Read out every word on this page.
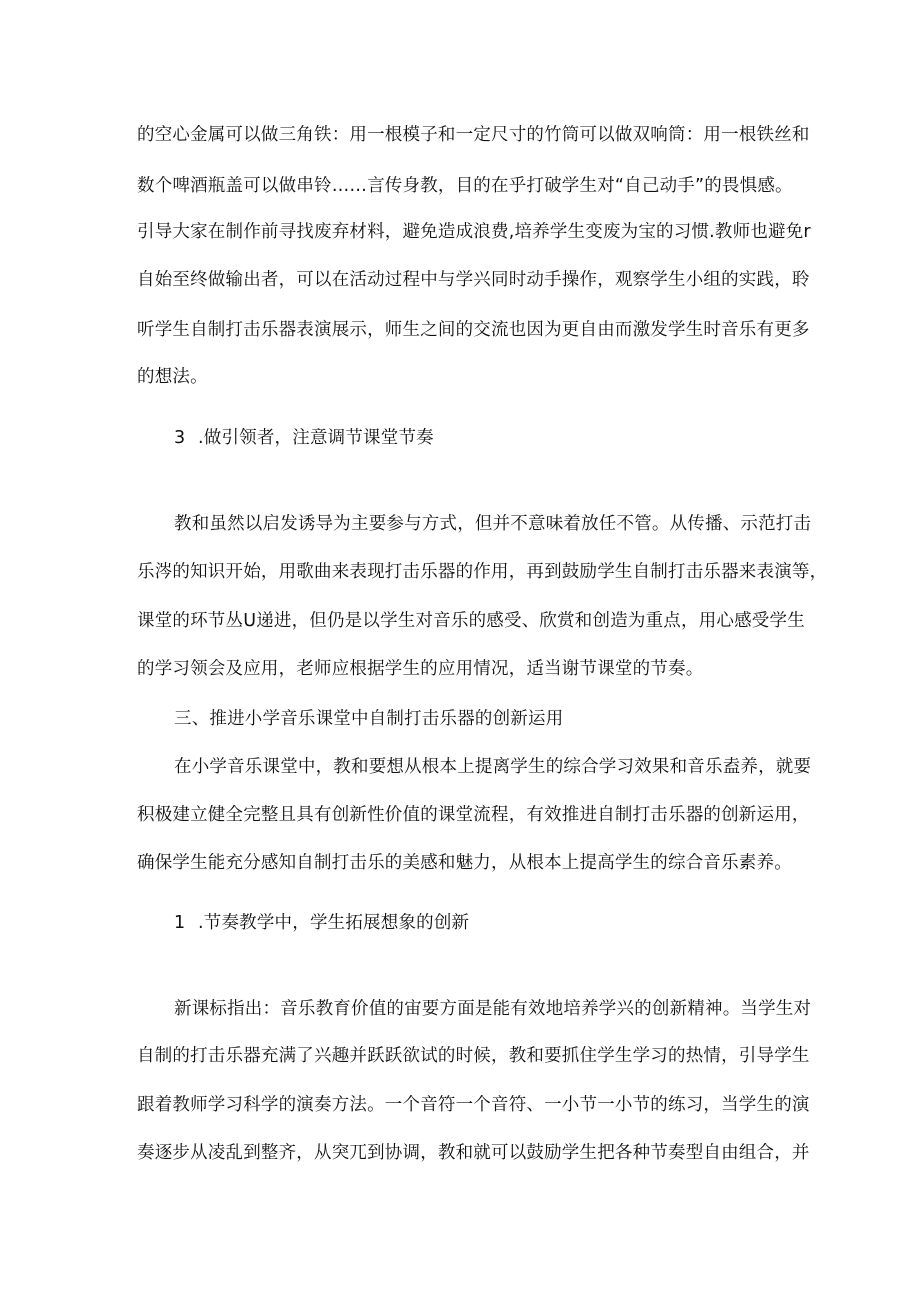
的空心金属可以做三角铁：用一根模子和一定尺寸的竹筒可以做双响筒：用一根铁丝和
数个啤酒瓶盖可以做串铃……言传身教，目的在乎打破学生对“自己动手”的畏惧感。
引导大家在制作前寻找废弃材料，避免造成浪费,培养学生变废为宝的习惯.教师也避免r
自始至终做输出者，可以在活动过程中与学兴同时动手操作，观察学生小组的实践，聆
听学生自制打击乐器表演展示，师生之间的交流也因为更自由而激发学生时音乐有更多
的想法。
3 .做引领者，注意调节课堂节奏
教和虽然以启发诱导为主要参与方式，但并不意味着放任不管。从传播、示范打击
乐涔的知识开始，用歌曲来表现打击乐器的作用，再到鼓励学生自制打击乐器来表演等，
课堂的环节丛U递进，但仍是以学生对音乐的感受、欣赏和创造为重点，用心感受学生
的学习领会及应用，老师应根据学生的应用情况，适当谢节课堂的节奏。
三、推进小学音乐课堂中自制打击乐器的创新运用
在小学音乐课堂中，教和要想从根本上提离学生的综合学习效果和音乐盍养，就要
积极建立健全完整且具有创新性价值的课堂流程，有效推进自制打击乐器的创新运用，
确保学生能充分感知自制打击乐的美感和魅力，从根本上提高学生的综合音乐素养。
1 .节奏教学中，学生拓展想象的创新
新课标指出：音乐教育价值的宙要方面是能有效地培养学兴的创新精神。当学生对
自制的打击乐器充满了兴趣并跃跃欲试的时候，教和要抓住学生学习的热情，引导学生
跟着教师学习科学的演奏方法。一个音符一个音符、一小节一小节的练习，当学生的演
奏逐步从凌乱到整齐，从突兀到协调，教和就可以鼓励学生把各种节奏型自由组合，并
